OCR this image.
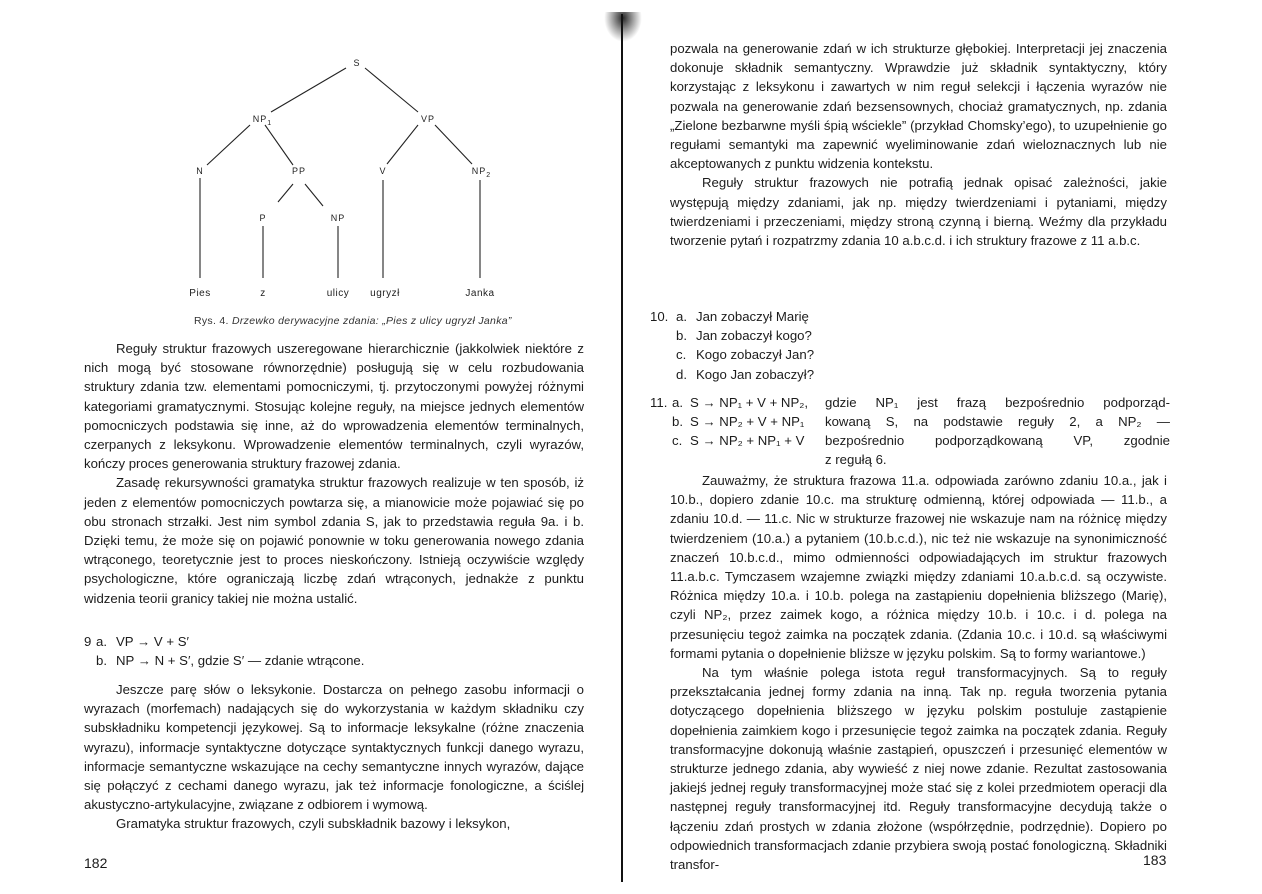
S
$NP_1$	VP
N	PP	V	$NP_2$
P	NP
Pies	z	ulicy ugryzł	Janka
Rys. 4. Drzewko derywacyjne zdania: „Pies z ulicy ugryzł Janka”

Reguły struktur frazowych uszeregowane hierarchicznie (jakkolwiek niektóre z nich mogą być stosowane równorzędnie) posługują się w celu rozbudowania struktury zdania tzw. elementami pomocniczymi, tj. przytoczonymi powyżej różnymi kategoriami gramatycznymi. Stosując kolejne reguły, na miejsce jednych elementów pomocniczych podstawia się inne, aż do wprowadzenia elementów terminalnych, czerpanych z leksykonu. Wprowadzenie elementów terminalnych, czyli wyrazów, kończy proces generowania struktury frazowej zdania.

Zasadę rekursywności gramatyka struktur frazowych realizuje w ten sposób, iż jeden z elementów pomocniczych powtarza się, a mianowicie może pojawiać się po obu stronach strzałki. Jest nim symbol zdania S, jak to przedstawia reguła 9a. i b. Dzięki temu, że może się on pojawić ponownie w toku generowania nowego zdania wtrąconego, teoretycznie jest to proces nieskończony. Istnieją oczywiście względy psychologiczne, które ograniczają liczbę zdań wtrąconych, jednakże z punktu widzenia teorii granicy takiej nie można ustalić.

9 a. VP → V + S′
b. NP → N + S′, gdzie S′ — zdanie wtrącone.

Jeszcze parę słów o leksykonie. Dostarcza on pełnego zasobu informacji o wyrazach (morfemach) nadających się do wykorzystania w każdym składniku czy subskładniku kompetencji językowej. Są to informacje leksykalne (różne znaczenia wyrazu), informacje syntaktyczne dotyczące syntaktycznych funkcji danego wyrazu, informacje semantyczne wskazujące na cechy semantyczne innych wyrazów, dające się połączyć z cechami danego wyrazu, jak też informacje fonologiczne, a ściślej akustyczno-artykulacyjne, związane z odbiorem i wymową.

Gramatyka struktur frazowych, czyli subskładnik bazowy i leksykon,

182

pozwala na generowanie zdań w ich strukturze głębokiej. Interpretacji jej znaczenia dokonuje składnik semantyczny. Wprawdzie już składnik syntaktyczny, który korzystając z leksykonu i zawartych w nim reguł selekcji i łączenia wyrazów nie pozwala na generowanie zdań bezsensownych, chociaż gramatycznych, np. zdania „Zielone bezbarwne myśli śpią wściekle” (przykład Chomsky’ego), to uzupełnienie go regułami semantyki ma zapewnić wyeliminowanie zdań wieloznacznych lub nie akceptowanych z punktu widzenia kontekstu.

Reguły struktur frazowych nie potrafią jednak opisać zależności, jakie występują między zdaniami, jak np. między twierdzeniami i pytaniami, między twierdzeniami i przeczeniami, między stroną czynną i bierną. Weźmy dla przykładu tworzenie pytań i rozpatrzmy zdania 10 a.b.c.d. i ich struktury frazowe z 11 a.b.c.

10. a. Jan zobaczył Marię
b. Jan zobaczył kogo?
c. Kogo zobaczył Jan?
d. Kogo Jan zobaczył?
11. a. S → NP₁ + V + NP₂, gdzie NP₁ jest frazą bezpośrednio podporząd-
b. S → NP₂ + V + NP₁ kowaną S, na podstawie reguły 2, a NP₂ —
c. S → NP₂ + NP₁ + V bezpośrednio podporządkowaną VP, zgodnie
z regułą 6.

Zauważmy, że struktura frazowa 11.a. odpowiada zarówno zdaniu 10.a., jak i 10.b., dopiero zdanie 10.c. ma strukturę odmienną, której odpowiada — 11.b., a zdaniu 10.d. — 11.c. Nic w strukturze frazowej nie wskazuje nam na różnicę między twierdzeniem (10.a.) a pytaniem (10.b.c.d.), nic też nie wskazuje na synonimiczność znaczeń 10.b.c.d., mimo odmienności odpowiadających im struktur frazowych 11.a.b.c. Tymczasem wzajemne związki między zdaniami 10.a.b.c.d. są oczywiste. Różnica między 10.a. i 10.b. polega na zastąpieniu dopełnienia bliższego (Marię), czyli NP₂, przez zaimek kogo, a różnica między 10.b. i 10.c. i d. polega na przesunięciu tegoż zaimka na początek zdania. (Zdania 10.c. i 10.d. są właściwymi formami pytania o dopełnienie bliższe w języku polskim. Są to formy wariantowe.)

Na tym właśnie polega istota reguł transformacyjnych. Są to reguły przekształcania jednej formy zdania na inną. Tak np. reguła tworzenia pytania dotyczącego dopełnienia bliższego w języku polskim postuluje zastąpienie dopełnienia zaimkiem kogo i przesunięcie tegoż zaimka na początek zdania. Reguły transformacyjne dokonują właśnie zastąpień, opuszczeń i przesunięć elementów w strukturze jednego zdania, aby wywieść z niej nowe zdanie. Rezultat zastosowania jakiejś jednej reguły transformacyjnej może stać się z kolei przedmiotem operacji dla następnej reguły transformacyjnej itd. Reguły transformacyjne decydują także o łączeniu zdań prostych w zdania złożone (współrzędnie, podrzędnie). Dopiero po odpowiednich transformacjach zdanie przybiera swoją postać fonologiczną. Składniki transfor-	183
